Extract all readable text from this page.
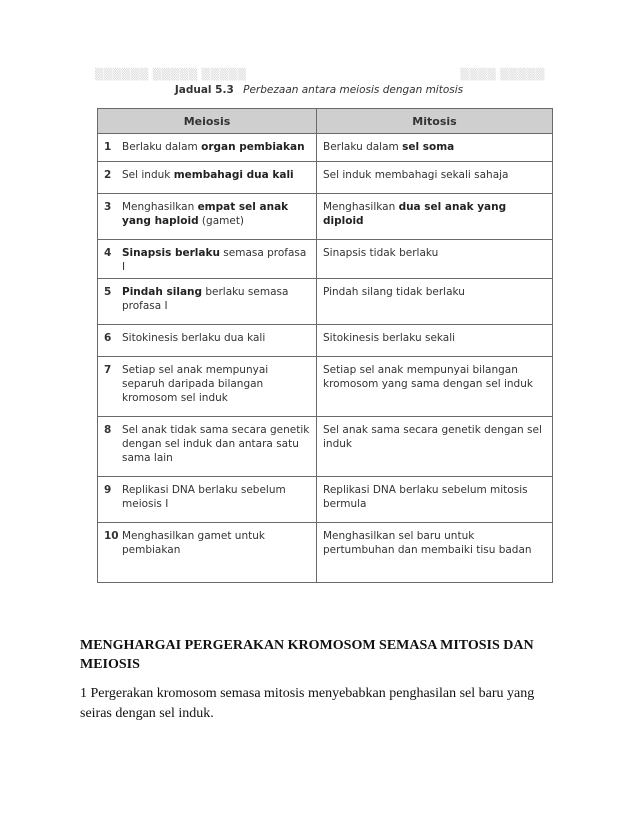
▒▒▒▒▒▒ ▒▒▒▒▒ ▒▒▒▒▒	▒▒▒▒ ▒▒▒▒▒
Jadual 5.3 Perbezaan antara meiosis dengan mitosis
Meiosis	Mitosis

1 Berlaku dalam organ pembiakan	Berlaku dalam sel soma

2 Sel induk membahagi dua kali	Sel induk membahagi sekali sahaja

3 Menghasilkan empat sel anak yang haploid (gamet)	Menghasilkan dua sel anak yang diploid

4 Sinapsis berlaku semasa profasa I	Sinapsis tidak berlaku

5 Pindah silang berlaku semasa profasa I	Pindah silang tidak berlaku

6 Sitokinesis berlaku dua kali	Sitokinesis berlaku sekali

7 Setiap sel anak mempunyai separuh daripada bilangan kromosom sel induk	Setiap sel anak mempunyai bilangan kromosom yang sama dengan sel induk

8 Sel anak tidak sama secara genetik dengan sel induk dan antara satu sama lain	Sel anak sama secara genetik dengan sel induk

9 Replikasi DNA berlaku sebelum meiosis I	Replikasi DNA berlaku sebelum mitosis bermula

10 Menghasilkan gamet untuk pembiakan	Menghasilkan sel baru untuk pertumbuhan dan membaiki tisu badan
MENGHARGAI PERGERAKAN KROMOSOM SEMASA MITOSIS DAN MEIOSIS
1 Pergerakan kromosom semasa mitosis menyebabkan penghasilan sel baru yang seiras dengan sel induk.
